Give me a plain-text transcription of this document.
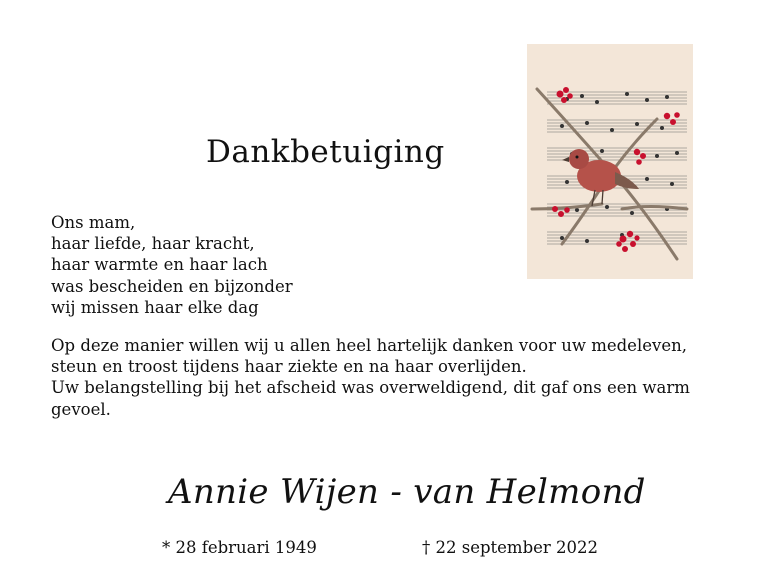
Dankbetuiging
Ons mam,
haar liefde, haar kracht,
haar warmte en haar lach
was bescheiden en bijzonder
wij missen haar elke dag
Op deze manier willen wij u allen heel hartelijk danken voor uw medeleven,
steun en troost tijdens haar ziekte en na haar overlijden.
Uw belangstelling bij het afscheid was overweldigend, dit gaf ons een warm
gevoel.
Annie Wijen - van Helmond
* 28 februari 1949	† 22 september 2022
